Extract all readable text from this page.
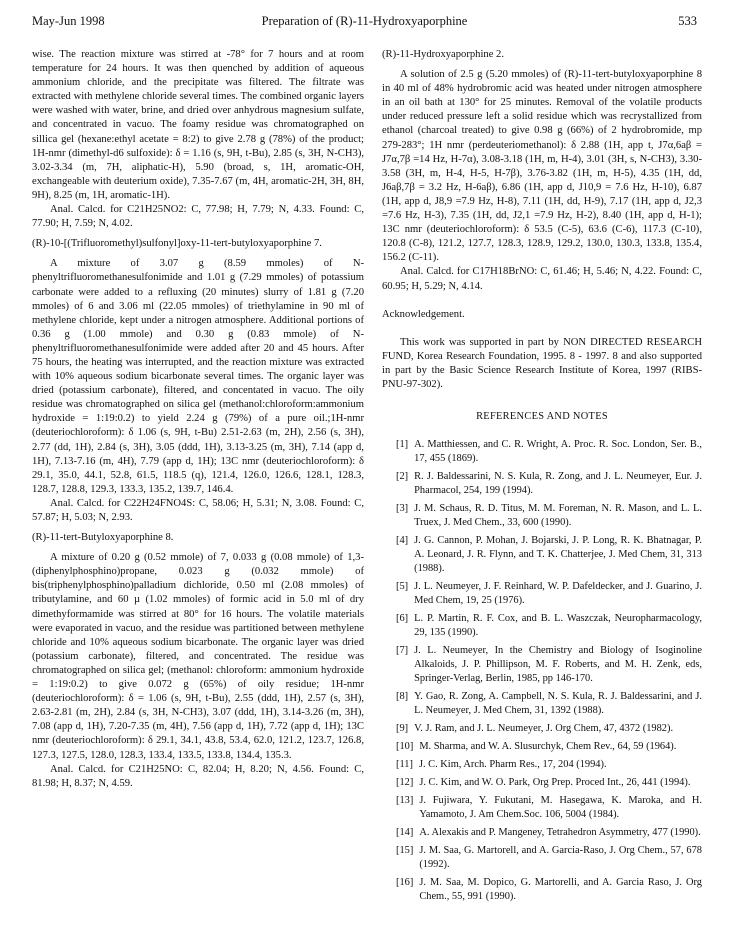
May-Jun 1998	Preparation of (R)-11-Hydroxyaporphine	533

wise. The reaction mixture was stirred at -78° for 7 hours and at room temperature for 24 hours. It was then quenched by addition of aqueous ammonium chloride, and the precipitate was filtered. The filtrate was extracted with methylene chloride several times. The combined organic layers were washed with water, brine, and dried over anhydrous magnesium sulfate, and concentrated in vacuo. The foamy residue was chromatographed on sillica gel (hexane:ethyl acetate = 8:2) to give 2.78 g (78%) of the product; 1H-nmr (dimethyl-d6 sulfoxide): δ = 1.16 (s, 9H, t-Bu), 2.85 (s, 3H, N-CH3), 3.02-3.34 (m, 7H, aliphatic-H), 5.90 (broad, s, 1H, aromatic-OH, exchangeable with deuterium oxide), 7.35-7.67 (m, 4H, aromatic-2H, 3H, 8H, 9H), 8.25 (m, 1H, aromatic-1H).

Anal. Calcd. for C21H25NO2: C, 77.98; H, 7.79; N, 4.33. Found: C, 77.90; H, 7.59; N, 4.02.

(R)-10-[(Trifluoromethyl)sulfonyl]oxy-11-tert-butyloxyaporphine 7.

A mixture of 3.07 g (8.59 mmoles) of N-phenyltrifluoromethanesulfonimide and 1.01 g (7.29 mmoles) of potassium carbonate were added to a refluxing (20 minutes) slurry of 1.81 g (7.20 mmoles) of 6 and 3.06 ml (22.05 mmoles) of triethylamine in 90 ml of methylene chloride, kept under a nitrogen atmosphere. Additional portions of 0.36 g (1.00 mmole) and 0.30 g (0.83 mmole) of N-phenyltrifluoromethanesulfonimide were added after 20 and 45 hours. After 75 hours, the heating was interrupted, and the reaction mixture was extracted with 10% aqueous sodium bicarbonate several times. The organic layer was dried (potassium carbonate), filtered, and concentated in vacuo. The oily residue was chromatographed on silica gel (methanol:chloroform:ammonium hydroxide = 1:19:0.2) to yield 2.24 g (79%) of a pure oil.;1H-nmr (deuteriochloroform): δ 1.06 (s, 9H, t-Bu) 2.51-2.63 (m, 2H), 2.56 (s, 3H), 2.77 (dd, 1H), 2.84 (s, 3H), 3.05 (ddd, 1H), 3.13-3.25 (m, 3H), 7.14 (app d, 1H), 7.13-7.16 (m, 4H), 7.79 (app d, 1H); 13C nmr (deuteriochloroform): δ 29.1, 35.0, 44.1, 52.8, 61.5, 118.5 (q), 121.4, 126.0, 126.6, 128.1, 128.3, 128.7, 128.8, 129.3, 133.3, 135.2, 139.7, 146.4.

Anal. Calcd. for C22H24FNO4S: C, 58.06; H, 5.31; N, 3.08. Found: C, 57.87; H, 5.03; N, 2.93.

(R)-11-tert-Butyloxyaporphine 8.

A mixture of 0.20 g (0.52 mmole) of 7, 0.033 g (0.08 mmole) of 1,3-(diphenylphosphino)propane, 0.023 g (0.032 mmole) of bis(triphenylphosphino)palladium dichloride, 0.50 ml (2.08 mmoles) of tributylamine, and 60 µ (1.02 mmoles) of formic acid in 5.0 ml of dry dimethyformamide was stirred at 80° for 16 hours. The volatile materials were evaporated in vacuo, and the residue was partitioned between methylene chloride and 10% aqueous sodium bicarbonate. The organic layer was dried (potassium carbonate), filtered, and concentrated. The residue was chromatographed on silica gel; (methanol: chloroform: ammonium hydroxide = 1:19:0.2) to give 0.072 g (65%) of oily residue; 1H-nmr (deuteriochloroform): δ = 1.06 (s, 9H, t-Bu), 2.55 (ddd, 1H), 2.57 (s, 3H), 2.63-2.81 (m, 2H), 2.84 (s, 3H, N-CH3), 3.07 (ddd, 1H), 3.14-3.26 (m, 3H), 7.08 (app d, 1H), 7.20-7.35 (m, 4H), 7.56 (app d, 1H), 7.72 (app d, 1H); 13C nmr (deuteriochloroform): δ 29.1, 34.1, 43.8, 53.4, 62.0, 121.2, 123.7, 126.8, 127.3, 127.5, 128.0, 128.3, 133.4, 133.5, 133.8, 134.4, 135.3.

Anal. Calcd. for C21H25NO: C, 82.04; H, 8.20; N, 4.56. Found: C, 81.98; H, 8.37; N, 4.59.

(R)-11-Hydroxyaporphine 2.

A solution of 2.5 g (5.20 mmoles) of (R)-11-tert-butyloxyaporphine 8 in 40 ml of 48% hydrobromic acid was heated under nitrogen atmosphere in an oil bath at 130° for 25 minutes. Removal of the volatile products under reduced pressure left a solid residue which was recrystallized from ethanol (charcoal treated) to give 0.98 g (66%) of 2 hydrobromide, mp 279-283°; 1H nmr (perdeuteriomethanol): δ 2.88 (1H, app t, J7α,6aβ = J7α,7β =14 Hz, H-7α), 3.08-3.18 (1H, m, H-4), 3.01 (3H, s, N-CH3), 3.30-3.58 (3H, m, H-4, H-5, H-7β), 3.76-3.82 (1H, m, H-5), 4.35 (1H, dd, J6aβ,7β = 3.2 Hz, H-6aβ), 6.86 (1H, app d, J10,9 = 7.6 Hz, H-10), 6.87 (1H, app d, J8,9 =7.9 Hz, H-8), 7.11 (1H, dd, H-9), 7.17 (1H, app d, J2,3 =7.6 Hz, H-3), 7.35 (1H, dd, J2,1 =7.9 Hz, H-2), 8.40 (1H, app d, H-1); 13C nmr (deuteriochloroform): δ 53.5 (C-5), 63.6 (C-6), 117.3 (C-10), 120.8 (C-8), 121.2, 127.7, 128.3, 128.9, 129.2, 130.0, 130.3, 133.8, 135.4, 156.2 (C-11).

Anal. Calcd. for C17H18BrNO: C, 61.46; H, 5.46; N, 4.22. Found: C, 60.95; H, 5.29; N, 4.14.

Acknowledgement.

This work was supported in part by NON DIRECTED RESEARCH FUND, Korea Research Foundation, 1995. 8 - 1997. 8 and also supported in part by the Basic Science Research Institute of Korea, 1997 (RIBS-PNU-97-302).

REFERENCES AND NOTES
[1] A. Matthiessen, and C. R. Wright, A. Proc. R. Soc. London, Ser. B., 17, 455 (1869).
[2] R. J. Baldessarini, N. S. Kula, R. Zong, and J. L. Neumeyer, Eur. J. Pharmacol, 254, 199 (1994).
[3] J. M. Schaus, R. D. Titus, M. M. Foreman, N. R. Mason, and L. L. Truex, J. Med Chem., 33, 600 (1990).
[4] J. G. Cannon, P. Mohan, J. Bojarski, J. P. Long, R. K. Bhatnagar, P. A. Leonard, J. R. Flynn, and T. K. Chatterjee, J. Med Chem, 31, 313 (1988).
[5] J. L. Neumeyer, J. F. Reinhard, W. P. Dafeldecker, and J. Guarino, J. Med Chem, 19, 25 (1976).
[6] L. P. Martin, R. F. Cox, and B. L. Waszczak, Neuropharmacology, 29, 135 (1990).
[7] J. L. Neumeyer, In the Chemistry and Biology of Isoginoline Alkaloids, J. P. Phillipson, M. F. Roberts, and M. H. Zenk, eds, Springer-Verlag, Berlin, 1985, pp 146-170.
[8] Y. Gao, R. Zong, A. Campbell, N. S. Kula, R. J. Baldessarini, and J. L. Neumeyer, J. Med Chem, 31, 1392 (1988).
[9] V. J. Ram, and J. L. Neumeyer, J. Org Chem, 47, 4372 (1982).
[10] M. Sharma, and W. A. Slusurchyk, Chem Rev., 64, 59 (1964).
[11] J. C. Kim, Arch. Pharm Res., 17, 204 (1994).
[12] J. C. Kim, and W. O. Park, Org Prep. Proced Int., 26, 441 (1994).
[13] J. Fujiwara, Y. Fukutani, M. Hasegawa, K. Maroka, and H. Yamamoto, J. Am Chem.Soc. 106, 5004 (1984).
[14] A. Alexakis and P. Mangeney, Tetrahedron Asymmetry, 477 (1990).
[15] J. M. Saa, G. Martorell, and A. Garcia-Raso, J. Org Chem., 57, 678 (1992).
[16] J. M. Saa, M. Dopico, G. Martorelli, and A. Garcia Raso, J. Org Chem., 55, 991 (1990).
